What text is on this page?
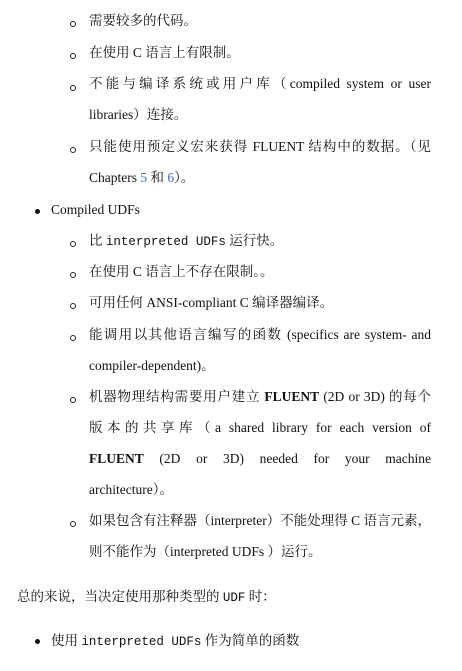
需要较多的代码。
在使用 C 语言上有限制。
不能与编译系统或用户库（compiled system or user
libraries）连接。
只能使用预定义宏来获得 FLUENT 结构中的数据。（见
Chapters 5 和 6）。
Compiled UDFs
比 interpreted UDFs 运行快。
在使用 C 语言上不存在限制。。
可用任何 ANSI-compliant C 编译器编译。
能调用以其他语言编写的函数 (specifics are system- and
compiler-dependent)。
机器物理结构需要用户建立 FLUENT (2D or 3D) 的每个
版本的共享库（a shared library for each version of
FLUENT (2D or 3D) needed for your machine
architecture）。
如果包含有注释器（interpreter）不能处理得 C 语言元素，
则不能作为（interpreted UDFs ）运行。
总的来说，当决定使用那种类型的 UDF 时：
使用 interpreted UDFs 作为简单的函数
